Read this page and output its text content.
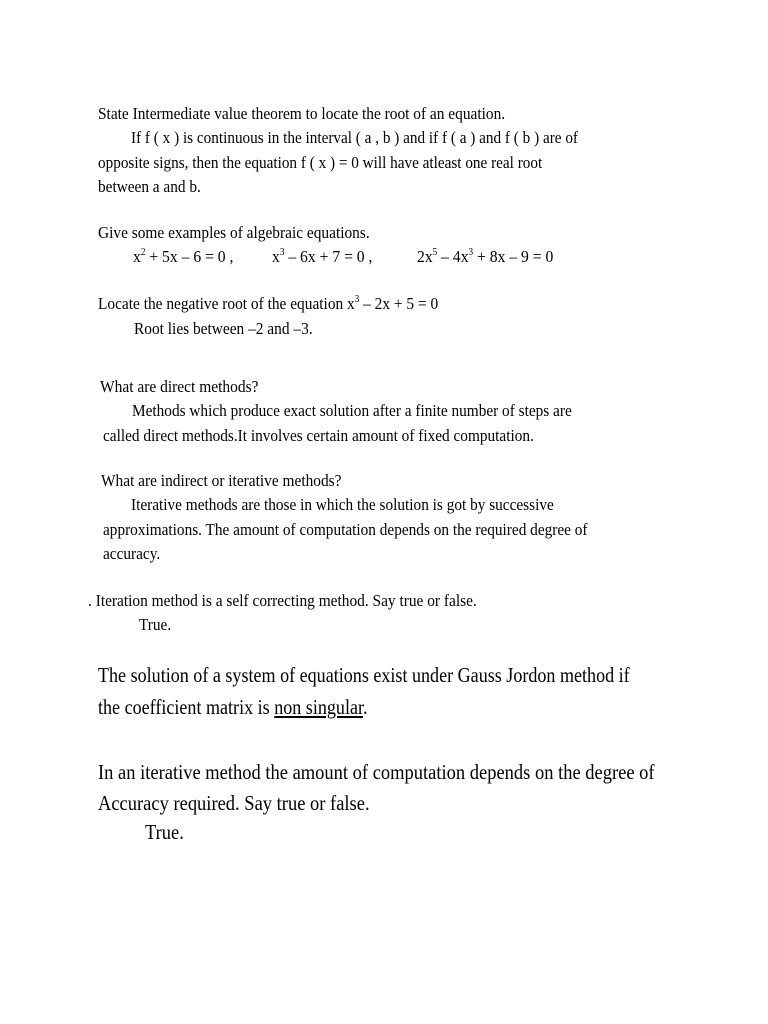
State Intermediate value theorem to locate the root of an equation.
If f ( x ) is continuous in the interval ( a , b ) and if f ( a ) and f ( b ) are of
opposite signs, then the equation f ( x ) = 0 will have atleast one real root
between a and b.
Give some examples of algebraic equations.
$x^2 + 5x - 6 = 0$ , $x^3 - 6x + 7 = 0$ ,	$2x^5 - 4x^3 + 8x - 9 = 0$
Locate the negative root of the equation $x^3 - 2x + 5 = 0$
Root lies between –2 and –3.
What are direct methods?
Methods which produce exact solution after a finite number of steps are
called direct methods.It involves certain amount of fixed computation.
What are indirect or iterative methods?
Iterative methods are those in which the solution is got by successive
approximations. The amount of computation depends on the required degree of
accuracy.
. Iteration method is a self correcting method. Say true or false.
True.
The solution of a system of equations exist under Gauss Jordon method if
the coefficient matrix is non singular.
In an iterative method the amount of computation depends on the degree of
Accuracy required. Say true or false.
True.
